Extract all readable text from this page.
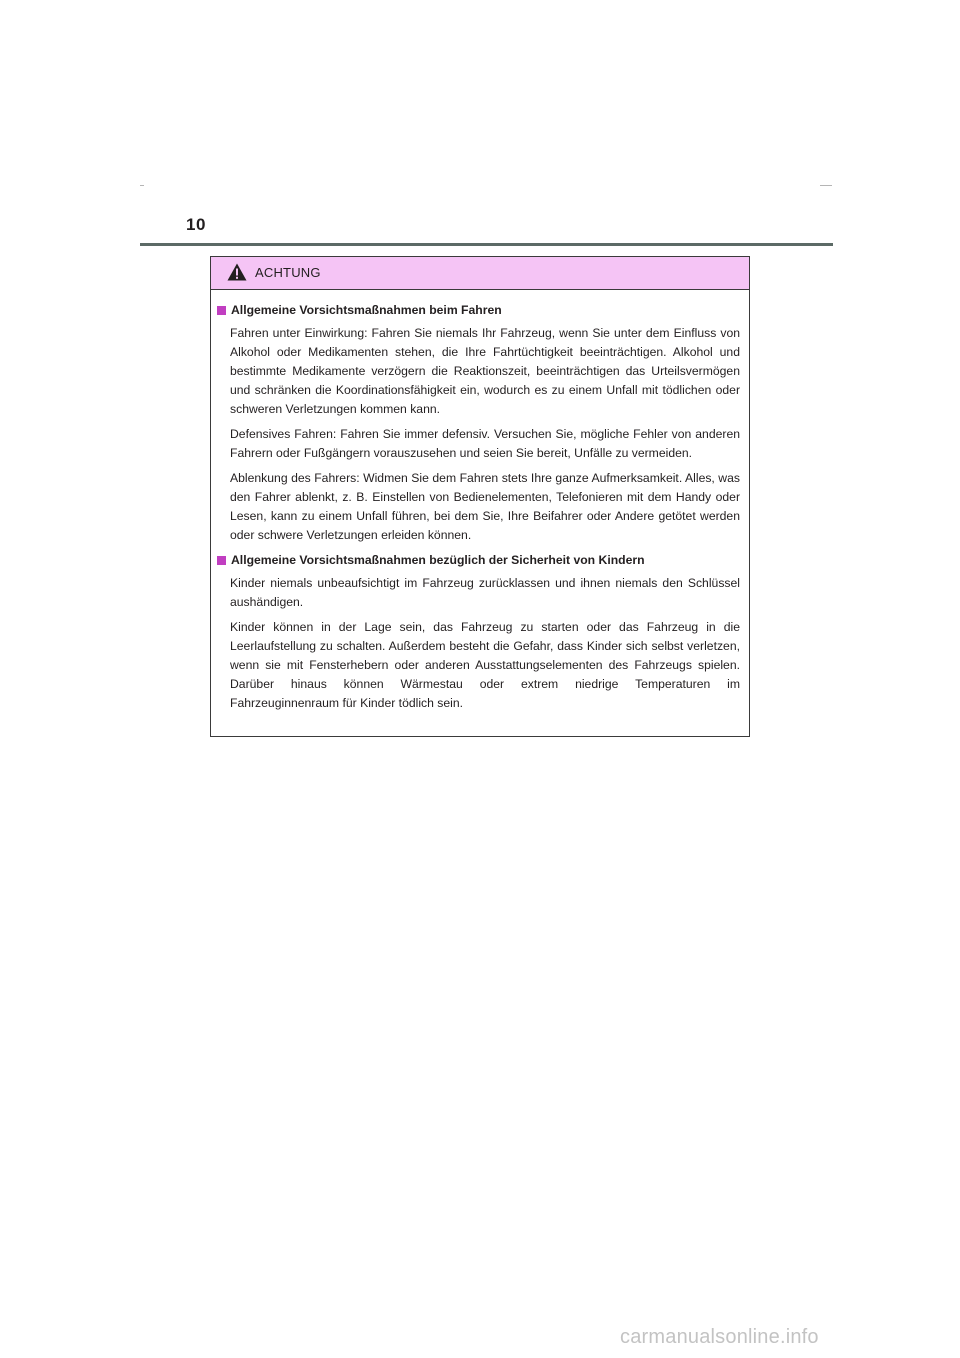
10
ACHTUNG
Allgemeine Vorsichtsmaßnahmen beim Fahren

Fahren unter Einwirkung: Fahren Sie niemals Ihr Fahrzeug, wenn Sie unter dem Einfluss von Alkohol oder Medikamenten stehen, die Ihre Fahrtüchtigkeit beeinträchtigen. Alkohol und bestimmte Medikamente verzögern die Reaktionszeit, beeinträchtigen das Urteilsvermögen und schränken die Koordinationsfähigkeit ein, wodurch es zu einem Unfall mit tödlichen oder schweren Verletzungen kommen kann.

Defensives Fahren: Fahren Sie immer defensiv. Versuchen Sie, mögliche Fehler von anderen Fahrern oder Fußgängern vorauszusehen und seien Sie bereit, Unfälle zu vermeiden.

Ablenkung des Fahrers: Widmen Sie dem Fahren stets Ihre ganze Aufmerksamkeit. Alles, was den Fahrer ablenkt, z. B. Einstellen von Bedienelementen, Telefonieren mit dem Handy oder Lesen, kann zu einem Unfall führen, bei dem Sie, Ihre Beifahrer oder Andere getötet werden oder schwere Verletzungen erleiden können.

Allgemeine Vorsichtsmaßnahmen bezüglich der Sicherheit von Kindern

Kinder niemals unbeaufsichtigt im Fahrzeug zurücklassen und ihnen niemals den Schlüssel aushändigen.

Kinder können in der Lage sein, das Fahrzeug zu starten oder das Fahrzeug in die Leerlaufstellung zu schalten. Außerdem besteht die Gefahr, dass Kinder sich selbst verletzen, wenn sie mit Fensterhebern oder anderen Ausstattungselementen des Fahrzeugs spielen. Darüber hinaus können Wärmestau oder extrem niedrige Temperaturen im Fahrzeuginnenraum für Kinder tödlich sein.

carmanualsonline.info
